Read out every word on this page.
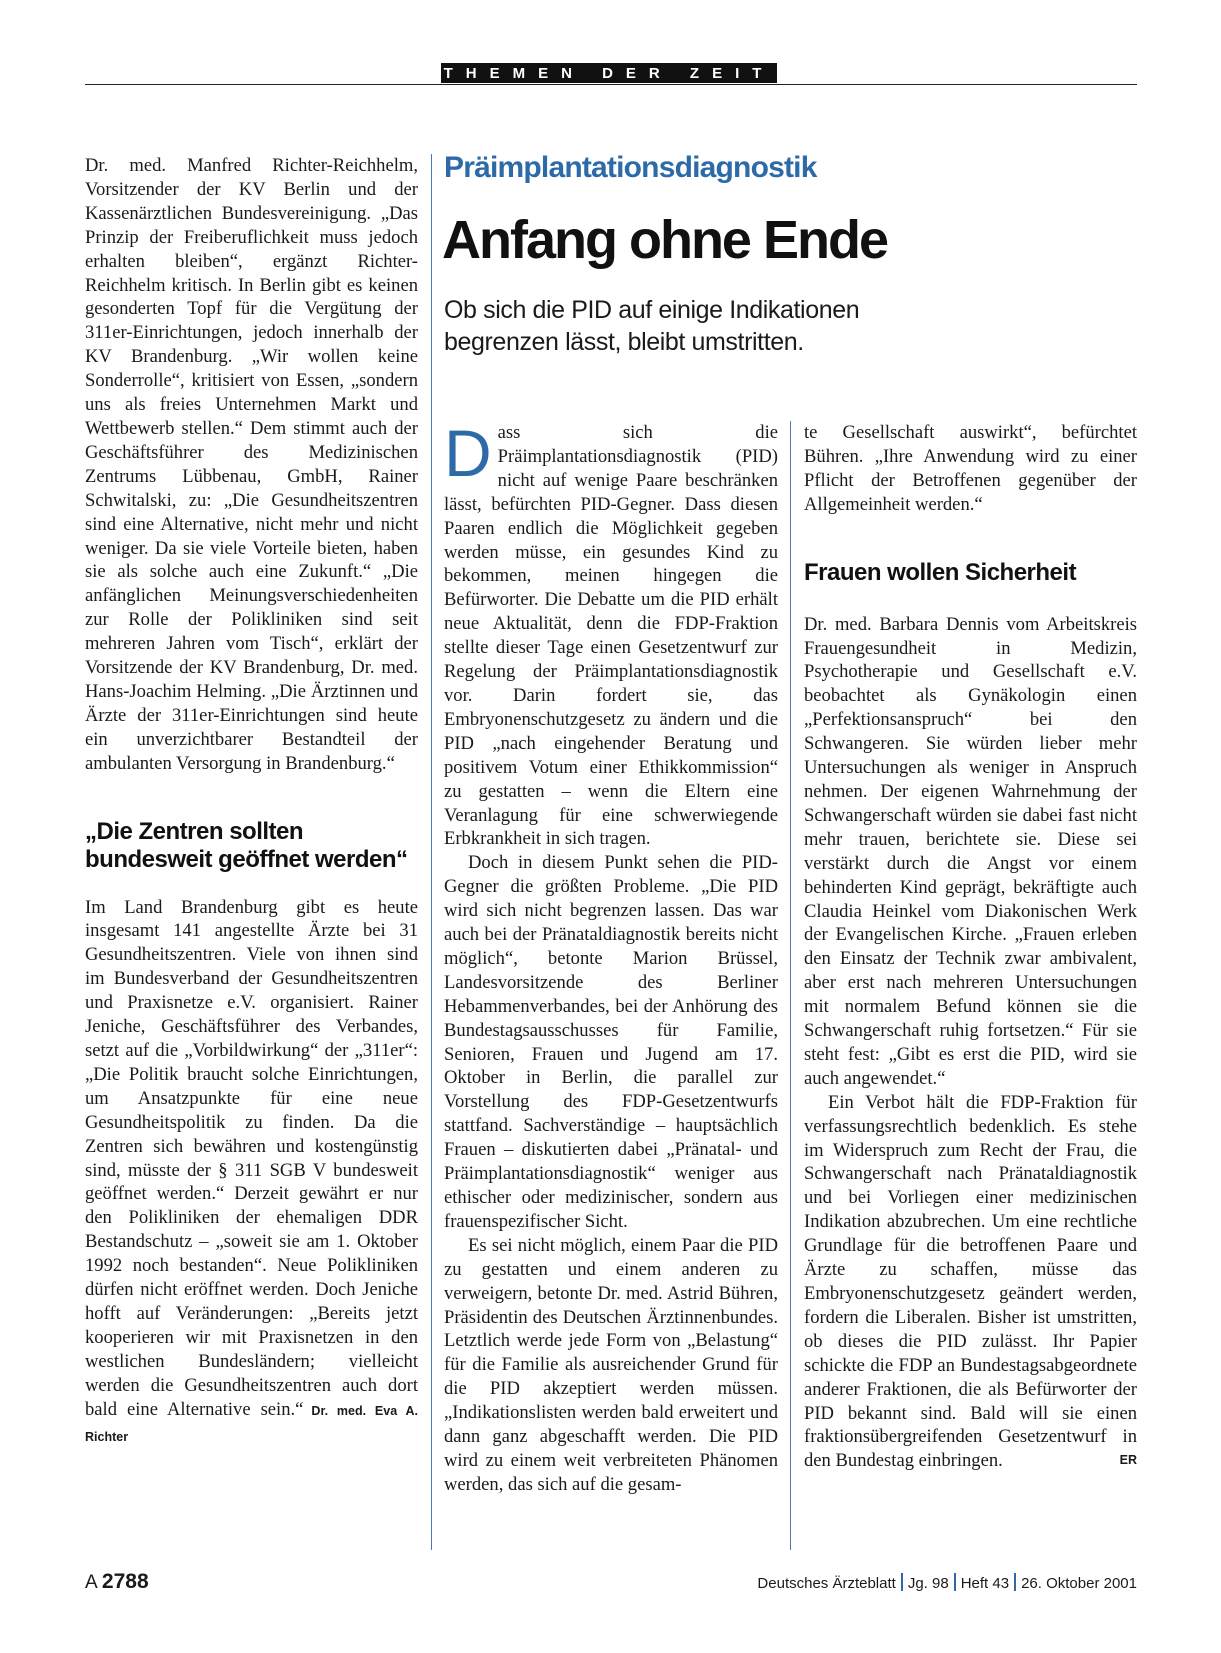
THEMEN DER ZEIT

Dr. med. Manfred Richter-Reichhelm, Vorsitzender der KV Berlin und der Kassenärztlichen Bundesvereinigung. „Das Prinzip der Freiberuflichkeit muss jedoch erhalten bleiben“, ergänzt Richter-Reichhelm kritisch. In Berlin gibt es keinen gesonderten Topf für die Vergütung der 311er-Einrichtungen, jedoch innerhalb der KV Brandenburg. „Wir wollen keine Sonderrolle“, kritisiert von Essen, „sondern uns als freies Unternehmen Markt und Wettbewerb stellen.“ Dem stimmt auch der Geschäftsführer des Medizinischen Zentrums Lübbenau, GmbH, Rainer Schwitalski, zu: „Die Gesundheitszentren sind eine Alternative, nicht mehr und nicht weniger. Da sie viele Vorteile bieten, haben sie als solche auch eine Zukunft.“ „Die anfänglichen Meinungsverschiedenheiten zur Rolle der Polikliniken sind seit mehreren Jahren vom Tisch“, erklärt der Vorsitzende der KV Brandenburg, Dr. med. Hans-Joachim Helming. „Die Ärztinnen und Ärzte der 311er-Einrichtungen sind heute ein unverzichtbarer Bestandteil der ambulanten Versorgung in Brandenburg.“

„Die Zentren sollten bundesweit geöffnet werden“

Im Land Brandenburg gibt es heute insgesamt 141 angestellte Ärzte bei 31 Gesundheitszentren. Viele von ihnen sind im Bundesverband der Gesundheitszentren und Praxisnetze e.V. organisiert. Rainer Jeniche, Geschäftsführer des Verbandes, setzt auf die „Vorbildwirkung“ der „311er“: „Die Politik braucht solche Einrichtungen, um Ansatzpunkte für eine neue Gesundheitspolitik zu finden. Da die Zentren sich bewähren und kostengünstig sind, müsste der § 311 SGB V bundesweit geöffnet werden.“ Derzeit gewährt er nur den Polikliniken der ehemaligen DDR Bestandschutz – „soweit sie am 1. Oktober 1992 noch bestanden“. Neue Polikliniken dürfen nicht eröffnet werden. Doch Jeniche hofft auf Veränderungen: „Bereits jetzt kooperieren wir mit Praxisnetzen in den westlichen Bundesländern; vielleicht werden die Gesundheitszentren auch dort bald eine Alternative sein.“ Dr. med. Eva A. Richter

Präimplantationsdiagnostik
Anfang ohne Ende
Ob sich die PID auf einige Indikationen begrenzen lässt, bleibt umstritten.

Dass sich die Präimplantationsdiagnostik (PID) nicht auf wenige Paare beschränken lässt, befürchten PID-Gegner. Dass diesen Paaren endlich die Möglichkeit gegeben werden müsse, ein gesundes Kind zu bekommen, meinen hingegen die Befürworter. Die Debatte um die PID erhält neue Aktualität, denn die FDP-Fraktion stellte dieser Tage einen Gesetzentwurf zur Regelung der Präimplantationsdiagnostik vor. Darin fordert sie, das Embryonenschutzgesetz zu ändern und die PID „nach eingehender Beratung und positivem Votum einer Ethikkommission“ zu gestatten – wenn die Eltern eine Veranlagung für eine schwerwiegende Erbkrankheit in sich tragen.

Doch in diesem Punkt sehen die PID-Gegner die größten Probleme. „Die PID wird sich nicht begrenzen lassen. Das war auch bei der Pränataldiagnostik bereits nicht möglich“, betonte Marion Brüssel, Landesvorsitzende des Berliner Hebammenverbandes, bei der Anhörung des Bundestagsausschusses für Familie, Senioren, Frauen und Jugend am 17. Oktober in Berlin, die parallel zur Vorstellung des FDP-Gesetzentwurfs stattfand. Sachverständige – hauptsächlich Frauen – diskutierten dabei „Pränatal- und Präimplantationsdiagnostik“ weniger aus ethischer oder medizinischer, sondern aus frauenspezifischer Sicht.

Es sei nicht möglich, einem Paar die PID zu gestatten und einem anderen zu verweigern, betonte Dr. med. Astrid Bühren, Präsidentin des Deutschen Ärztinnenbundes. Letztlich werde jede Form von „Belastung“ für die Familie als ausreichender Grund für die PID akzeptiert werden müssen. „Indikationslisten werden bald erweitert und dann ganz abgeschafft werden. Die PID wird zu einem weit verbreiteten Phänomen werden, das sich auf die gesam-

te Gesellschaft auswirkt“, befürchtet Bühren. „Ihre Anwendung wird zu einer Pflicht der Betroffenen gegenüber der Allgemeinheit werden.“

Frauen wollen Sicherheit

Dr. med. Barbara Dennis vom Arbeitskreis Frauengesundheit in Medizin, Psychotherapie und Gesellschaft e.V. beobachtet als Gynäkologin einen „Perfektionsanspruch“ bei den Schwangeren. Sie würden lieber mehr Untersuchungen als weniger in Anspruch nehmen. Der eigenen Wahrnehmung der Schwangerschaft würden sie dabei fast nicht mehr trauen, berichtete sie. Diese sei verstärkt durch die Angst vor einem behinderten Kind geprägt, bekräftigte auch Claudia Heinkel vom Diakonischen Werk der Evangelischen Kirche. „Frauen erleben den Einsatz der Technik zwar ambivalent, aber erst nach mehreren Untersuchungen mit normalem Befund können sie die Schwangerschaft ruhig fortsetzen.“ Für sie steht fest: „Gibt es erst die PID, wird sie auch angewendet.“

Ein Verbot hält die FDP-Fraktion für verfassungsrechtlich bedenklich. Es stehe im Widerspruch zum Recht der Frau, die Schwangerschaft nach Pränataldiagnostik und bei Vorliegen einer medizinischen Indikation abzubrechen. Um eine rechtliche Grundlage für die betroffenen Paare und Ärzte zu schaffen, müsse das Embryonenschutzgesetz geändert werden, fordern die Liberalen. Bisher ist umstritten, ob dieses die PID zulässt. Ihr Papier schickte die FDP an Bundestagsabgeordnete anderer Fraktionen, die als Befürworter der PID bekannt sind. Bald will sie einen fraktionsübergreifenden Gesetzentwurf in den Bundestag einbringen.	ER

A 2788	Deutsches Ärzteblatt Jg. 98 Heft 43 26. Oktober 2001
